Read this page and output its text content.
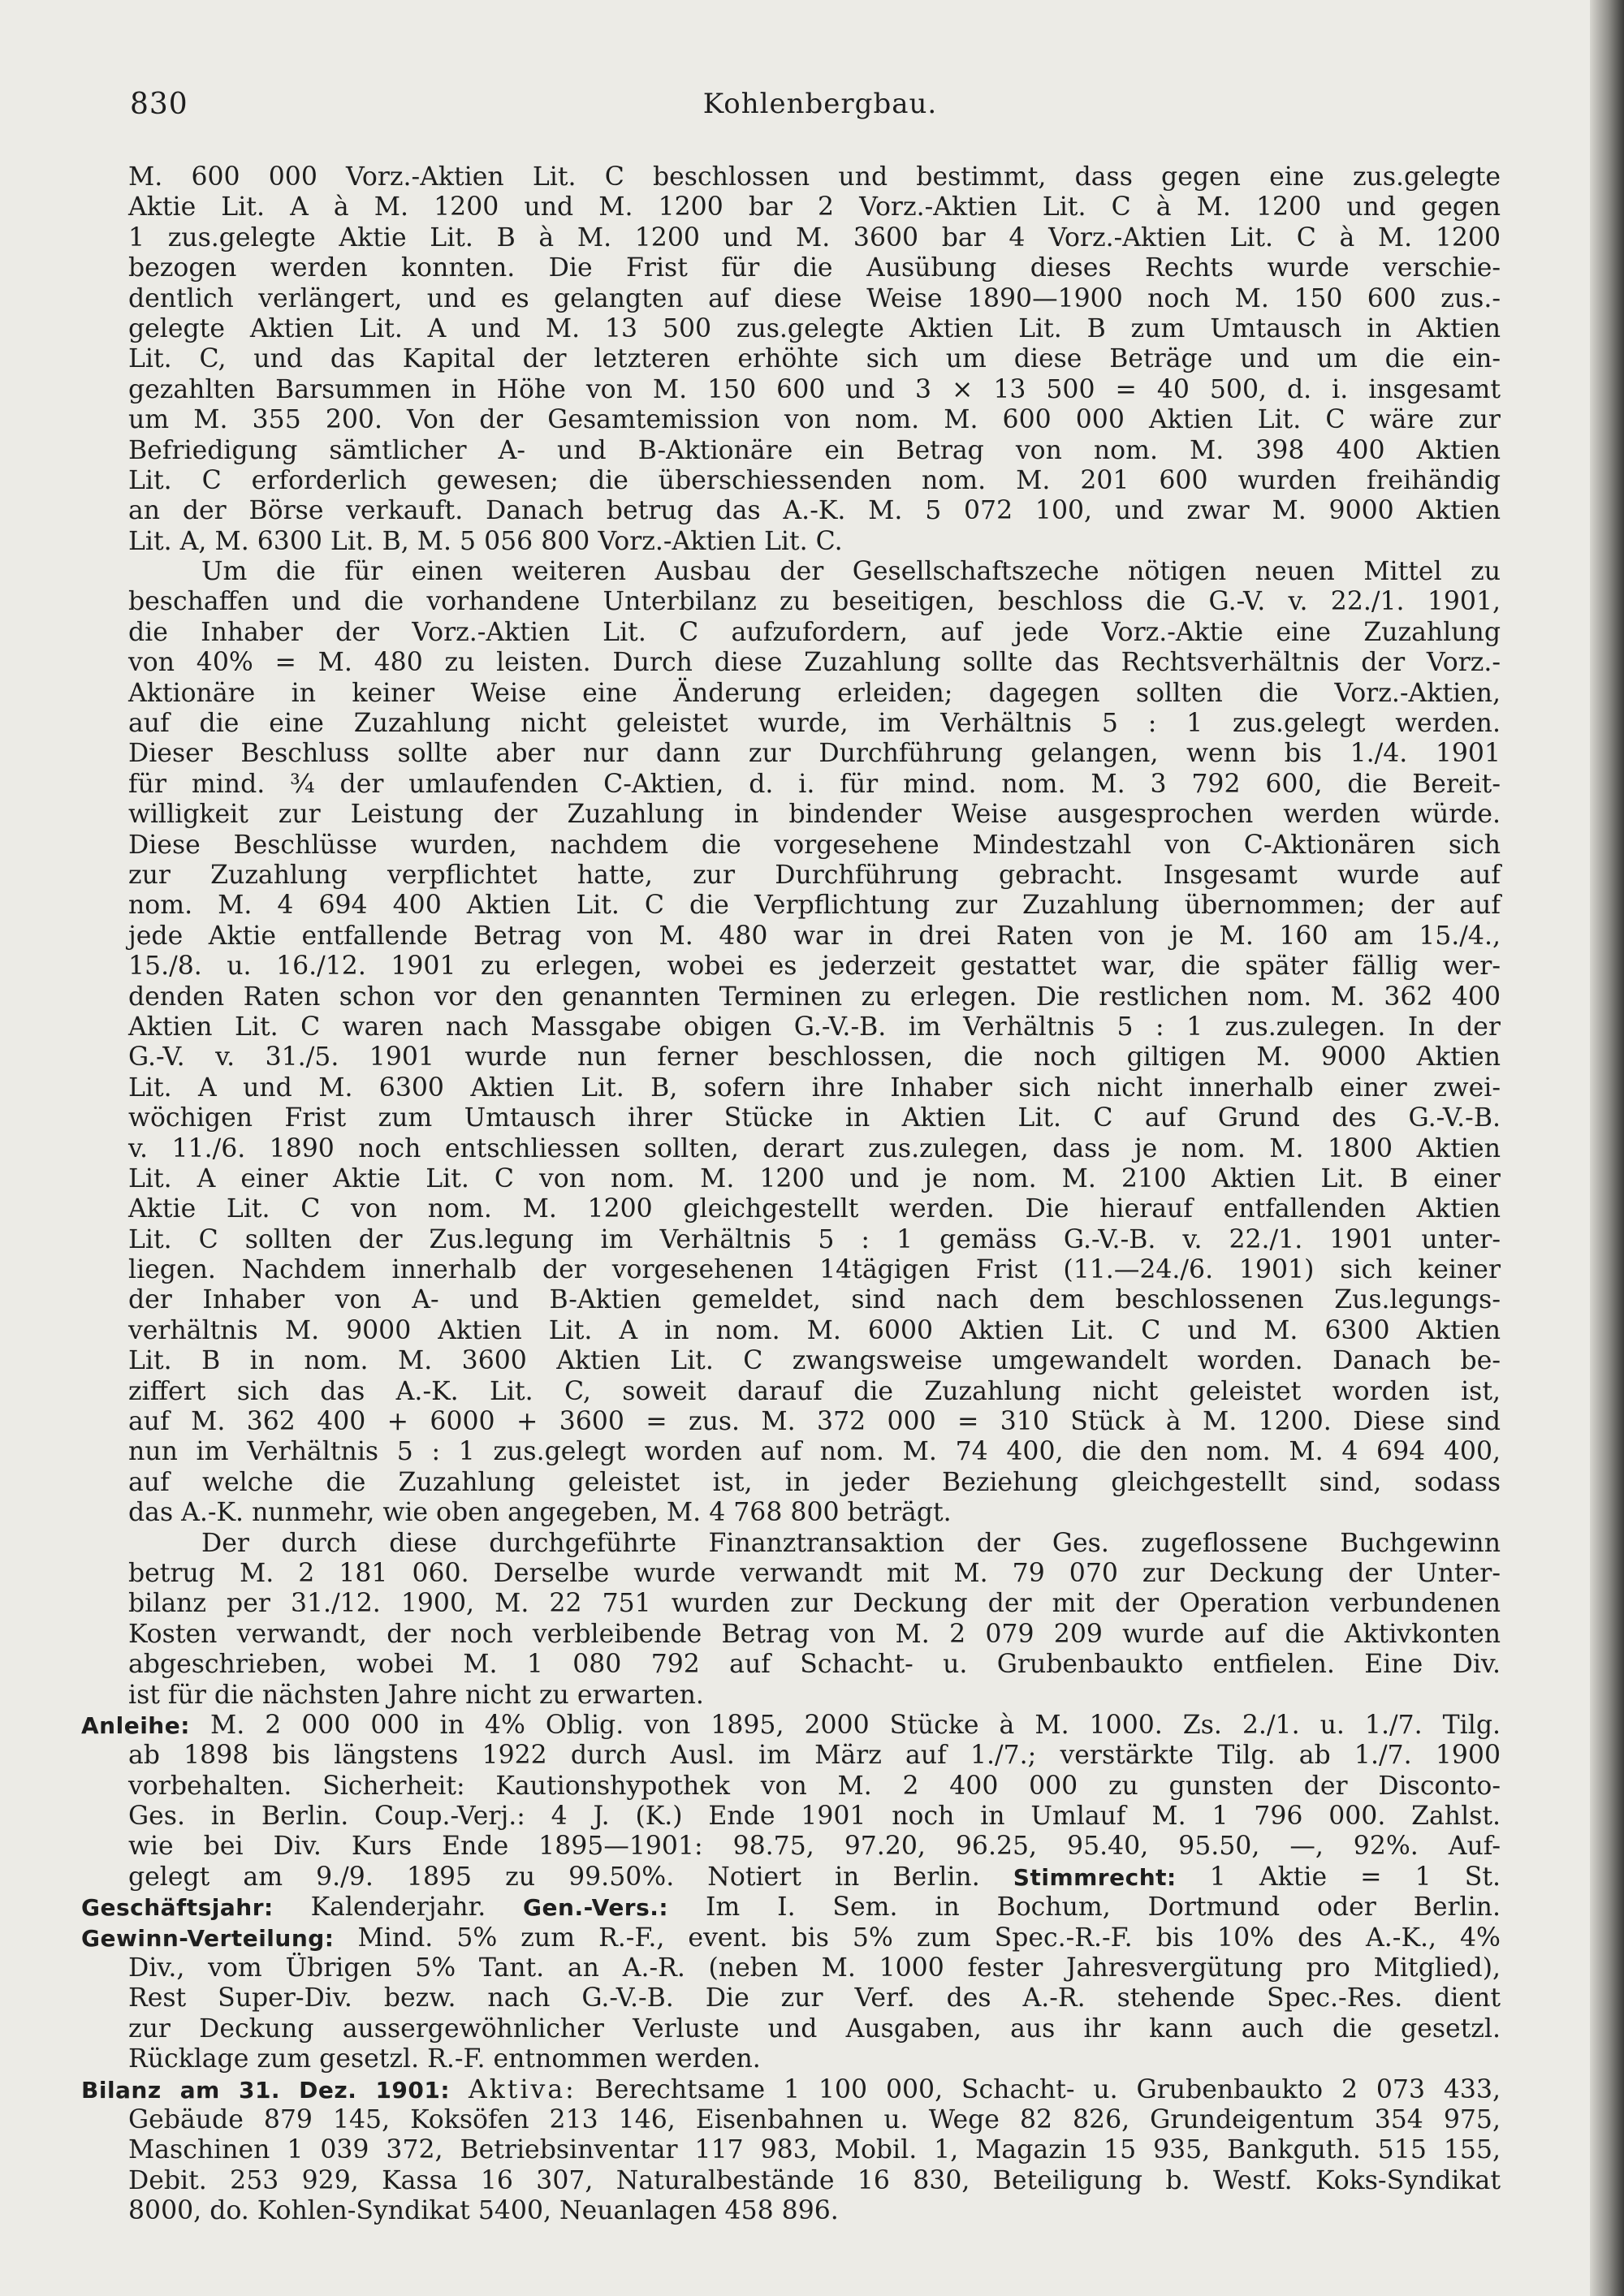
830	Kohlenbergbau.
M. 600 000 Vorz.-Aktien Lit. C beschlossen und bestimmt, dass gegen eine zus.gelegte
Aktie Lit. A à M. 1200 und M. 1200 bar 2 Vorz.-Aktien Lit. C à M. 1200 und gegen
1 zus.gelegte Aktie Lit. B à M. 1200 und M. 3600 bar 4 Vorz.-Aktien Lit. C à M. 1200
bezogen werden konnten. Die Frist für die Ausübung dieses Rechts wurde verschie-
dentlich verlängert, und es gelangten auf diese Weise 1890—1900 noch M. 150 600 zus.-
gelegte Aktien Lit. A und M. 13 500 zus.gelegte Aktien Lit. B zum Umtausch in Aktien
Lit. C, und das Kapital der letzteren erhöhte sich um diese Beträge und um die ein-
gezahlten Barsummen in Höhe von M. 150 600 und 3 × 13 500 = 40 500, d. i. insgesamt
um M. 355 200. Von der Gesamtemission von nom. M. 600 000 Aktien Lit. C wäre zur
Befriedigung sämtlicher A- und B-Aktionäre ein Betrag von nom. M. 398 400 Aktien
Lit. C erforderlich gewesen; die überschiessenden nom. M. 201 600 wurden freihändig
an der Börse verkauft. Danach betrug das A.-K. M. 5 072 100, und zwar M. 9000 Aktien
Lit. A, M. 6300 Lit. B, M. 5 056 800 Vorz.-Aktien Lit. C.
Um die für einen weiteren Ausbau der Gesellschaftszeche nötigen neuen Mittel zu
beschaffen und die vorhandene Unterbilanz zu beseitigen, beschloss die G.-V. v. 22./1. 1901,
die Inhaber der Vorz.-Aktien Lit. C aufzufordern, auf jede Vorz.-Aktie eine Zuzahlung
von 40% = M. 480 zu leisten. Durch diese Zuzahlung sollte das Rechtsverhältnis der Vorz.-
Aktionäre in keiner Weise eine Änderung erleiden; dagegen sollten die Vorz.-Aktien,
auf die eine Zuzahlung nicht geleistet wurde, im Verhältnis 5 : 1 zus.gelegt werden.
Dieser Beschluss sollte aber nur dann zur Durchführung gelangen, wenn bis 1./4. 1901
für mind. ¾ der umlaufenden C-Aktien, d. i. für mind. nom. M. 3 792 600, die Bereit-
willigkeit zur Leistung der Zuzahlung in bindender Weise ausgesprochen werden würde.
Diese Beschlüsse wurden, nachdem die vorgesehene Mindestzahl von C-Aktionären sich
zur Zuzahlung verpflichtet hatte, zur Durchführung gebracht. Insgesamt wurde auf
nom. M. 4 694 400 Aktien Lit. C die Verpflichtung zur Zuzahlung übernommen; der auf
jede Aktie entfallende Betrag von M. 480 war in drei Raten von je M. 160 am 15./4.,
15./8. u. 16./12. 1901 zu erlegen, wobei es jederzeit gestattet war, die später fällig wer-
denden Raten schon vor den genannten Terminen zu erlegen. Die restlichen nom. M. 362 400
Aktien Lit. C waren nach Massgabe obigen G.-V.-B. im Verhältnis 5 : 1 zus.zulegen. In der
G.-V. v. 31./5. 1901 wurde nun ferner beschlossen, die noch giltigen M. 9000 Aktien
Lit. A und M. 6300 Aktien Lit. B, sofern ihre Inhaber sich nicht innerhalb einer zwei-
wöchigen Frist zum Umtausch ihrer Stücke in Aktien Lit. C auf Grund des G.-V.-B.
v. 11./6. 1890 noch entschliessen sollten, derart zus.zulegen, dass je nom. M. 1800 Aktien
Lit. A einer Aktie Lit. C von nom. M. 1200 und je nom. M. 2100 Aktien Lit. B einer
Aktie Lit. C von nom. M. 1200 gleichgestellt werden. Die hierauf entfallenden Aktien
Lit. C sollten der Zus.legung im Verhältnis 5 : 1 gemäss G.-V.-B. v. 22./1. 1901 unter-
liegen. Nachdem innerhalb der vorgesehenen 14tägigen Frist (11.—24./6. 1901) sich keiner
der Inhaber von A- und B-Aktien gemeldet, sind nach dem beschlossenen Zus.legungs-
verhältnis M. 9000 Aktien Lit. A in nom. M. 6000 Aktien Lit. C und M. 6300 Aktien
Lit. B in nom. M. 3600 Aktien Lit. C zwangsweise umgewandelt worden. Danach be-
ziffert sich das A.-K. Lit. C, soweit darauf die Zuzahlung nicht geleistet worden ist,
auf M. 362 400 + 6000 + 3600 = zus. M. 372 000 = 310 Stück à M. 1200. Diese sind
nun im Verhältnis 5 : 1 zus.gelegt worden auf nom. M. 74 400, die den nom. M. 4 694 400,
auf welche die Zuzahlung geleistet ist, in jeder Beziehung gleichgestellt sind, sodass
das A.-K. nunmehr, wie oben angegeben, M. 4 768 800 beträgt.
Der durch diese durchgeführte Finanztransaktion der Ges. zugeflossene Buchgewinn
betrug M. 2 181 060. Derselbe wurde verwandt mit M. 79 070 zur Deckung der Unter-
bilanz per 31./12. 1900, M. 22 751 wurden zur Deckung der mit der Operation verbundenen
Kosten verwandt, der noch verbleibende Betrag von M. 2 079 209 wurde auf die Aktivkonten
abgeschrieben, wobei M. 1 080 792 auf Schacht- u. Grubenbaukto entfielen. Eine Div.
ist für die nächsten Jahre nicht zu erwarten.
Anleihe: M. 2 000 000 in 4% Oblig. von 1895, 2000 Stücke à M. 1000. Zs. 2./1. u. 1./7. Tilg.
ab 1898 bis längstens 1922 durch Ausl. im März auf 1./7.; verstärkte Tilg. ab 1./7. 1900
vorbehalten. Sicherheit: Kautionshypothek von M. 2 400 000 zu gunsten der Disconto-
Ges. in Berlin. Coup.-Verj.: 4 J. (K.) Ende 1901 noch in Umlauf M. 1 796 000. Zahlst.
wie bei Div. Kurs Ende 1895—1901: 98.75, 97.20, 96.25, 95.40, 95.50, —, 92%. Auf-
gelegt am 9./9. 1895 zu 99.50%. Notiert in Berlin. Stimmrecht: 1 Aktie = 1 St.
Geschäftsjahr: Kalenderjahr. Gen.-Vers.: Im I. Sem. in Bochum, Dortmund oder Berlin.
Gewinn-Verteilung: Mind. 5% zum R.-F., event. bis 5% zum Spec.-R.-F. bis 10% des A.-K., 4%
Div., vom Übrigen 5% Tant. an A.-R. (neben M. 1000 fester Jahresvergütung pro Mitglied),
Rest Super-Div. bezw. nach G.-V.-B. Die zur Verf. des A.-R. stehende Spec.-Res. dient
zur Deckung aussergewöhnlicher Verluste und Ausgaben, aus ihr kann auch die gesetzl.
Rücklage zum gesetzl. R.-F. entnommen werden.
Bilanz am 31. Dez. 1901: Aktiva: Berechtsame 1 100 000, Schacht- u. Grubenbaukto 2 073 433,
Gebäude 879 145, Koksöfen 213 146, Eisenbahnen u. Wege 82 826, Grundeigentum 354 975,
Maschinen 1 039 372, Betriebsinventar 117 983, Mobil. 1, Magazin 15 935, Bankguth. 515 155,
Debit. 253 929, Kassa 16 307, Naturalbestände 16 830, Beteiligung b. Westf. Koks-Syndikat
8000, do. Kohlen-Syndikat 5400, Neuanlagen 458 896.
